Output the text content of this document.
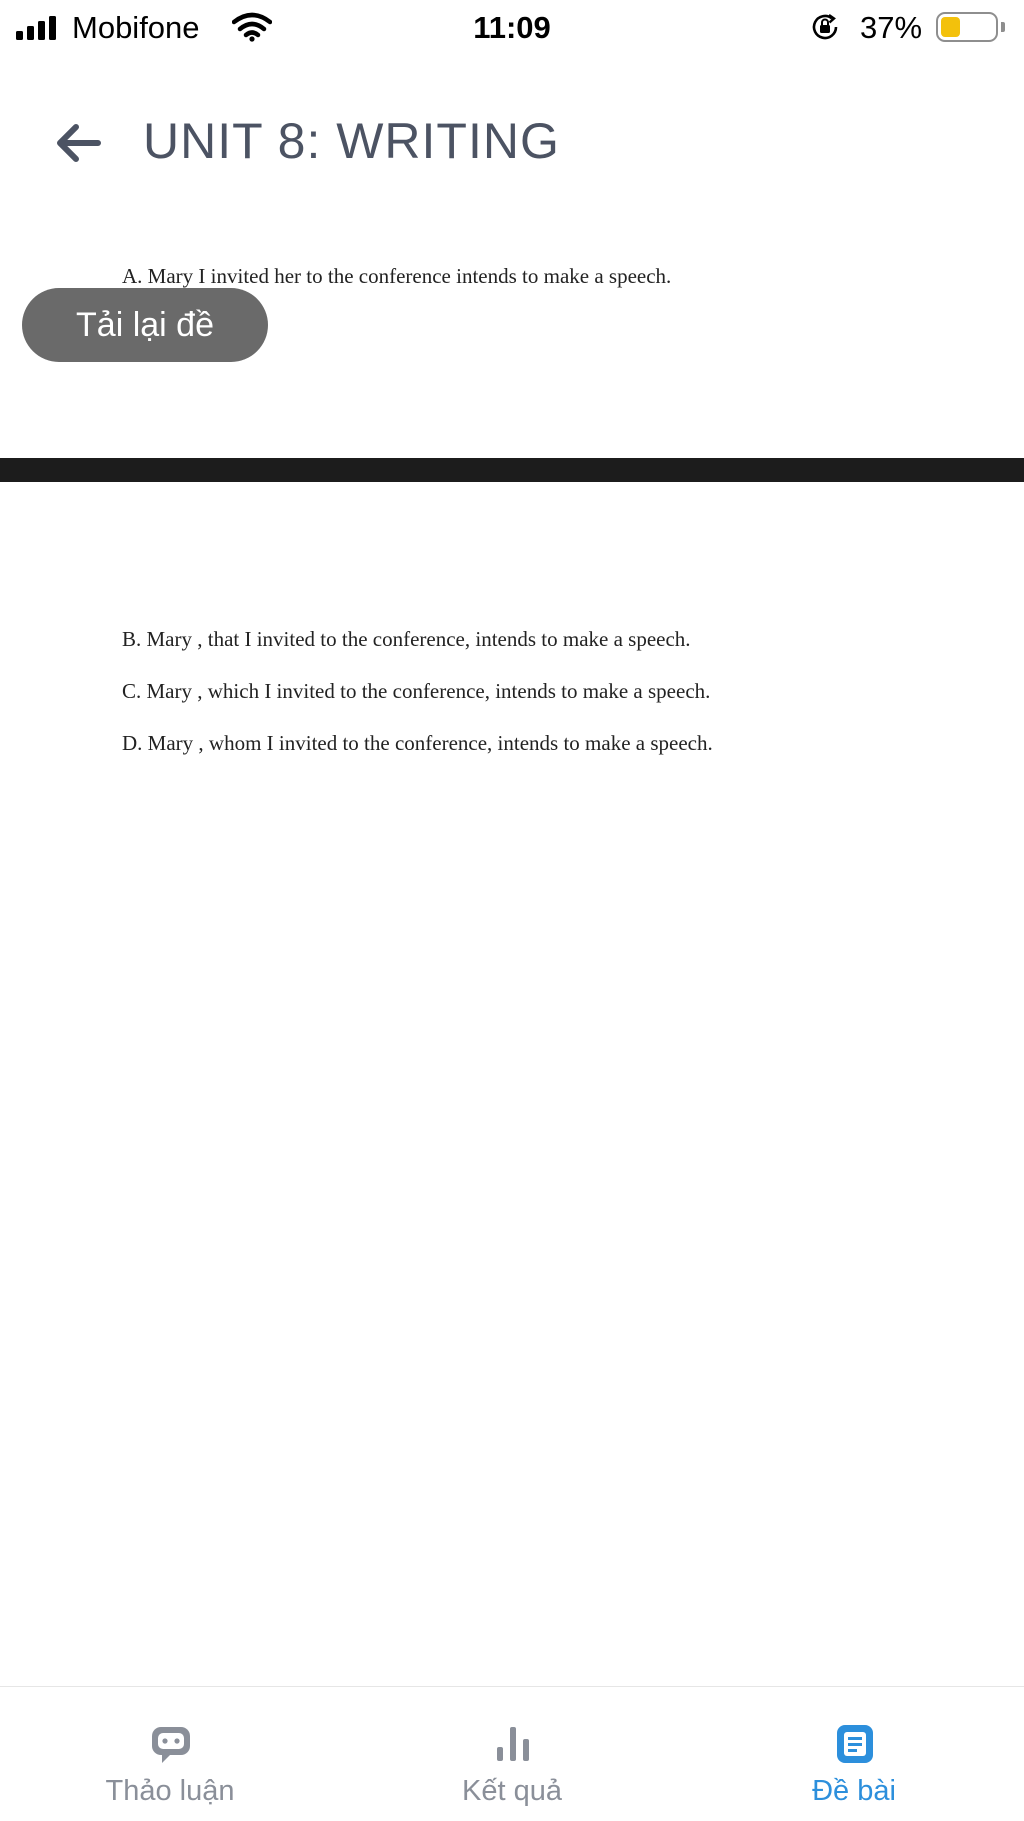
Mobifone	11:09	37%
UNIT 8: WRITING
A. Mary I invited her to the conference intends to make a speech.
Tải lại đề
B. Mary , that I invited to the conference, intends to make a speech.
C. Mary , which I invited to the conference, intends to make a speech.
D. Mary , whom I invited to the conference, intends to make a speech.
Thảo luận	Kết quả	Đề bài
